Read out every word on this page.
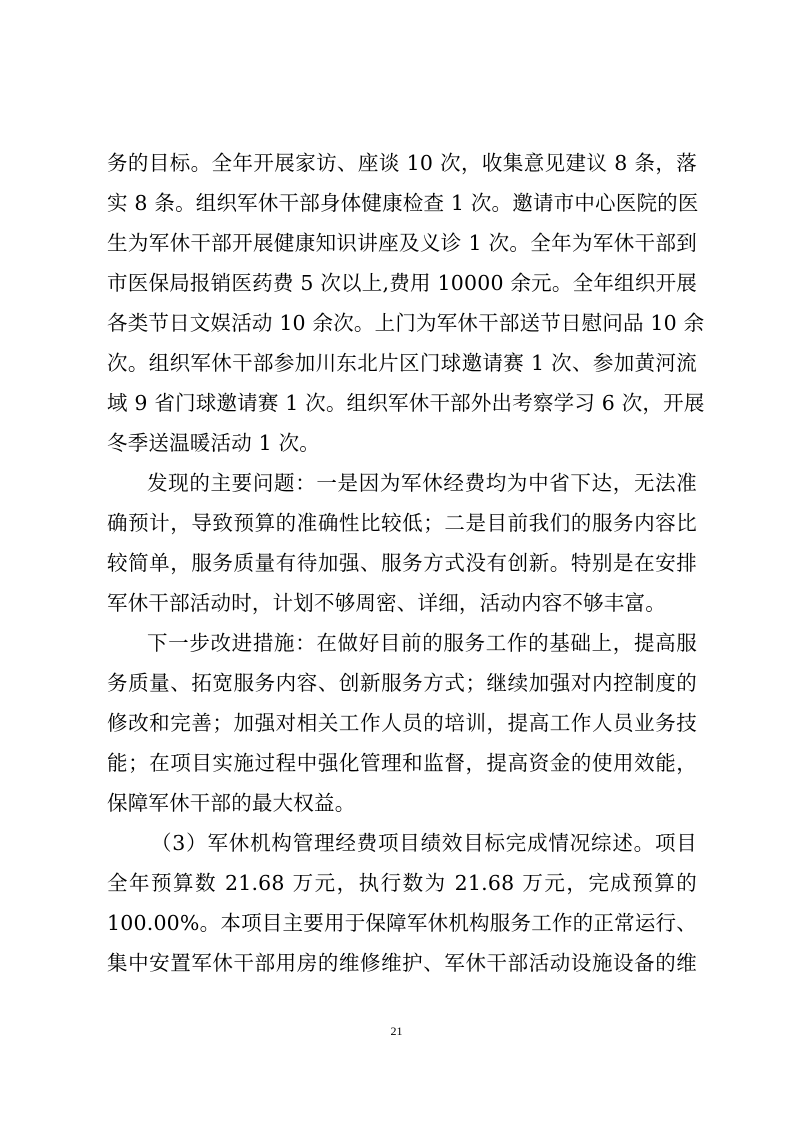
务的目标。全年开展家访、座谈 10 次，收集意见建议 8 条，落
实 8 条。组织军休干部身体健康检查 1 次。邀请市中心医院的医
生为军休干部开展健康知识讲座及义诊 1 次。全年为军休干部到
市医保局报销医药费 5 次以上,费用 10000 余元。全年组织开展
各类节日文娱活动 10 余次。上门为军休干部送节日慰问品 10 余
次。组织军休干部参加川东北片区门球邀请赛 1 次、参加黄河流
域 9 省门球邀请赛 1 次。组织军休干部外出考察学习 6 次，开展
冬季送温暖活动 1 次。
发现的主要问题：一是因为军休经费均为中省下达，无法准
确预计，导致预算的准确性比较低；二是目前我们的服务内容比
较简单，服务质量有待加强、服务方式没有创新。特别是在安排
军休干部活动时，计划不够周密、详细，活动内容不够丰富。
下一步改进措施：在做好目前的服务工作的基础上，提高服
务质量、拓宽服务内容、创新服务方式；继续加强对内控制度的
修改和完善；加强对相关工作人员的培训，提高工作人员业务技
能；在项目实施过程中强化管理和监督，提高资金的使用效能，
保障军休干部的最大权益。
（3）军休机构管理经费项目绩效目标完成情况综述。项目
全年预算数 21.68 万元，执行数为 21.68 万元，完成预算的
100.00%。本项目主要用于保障军休机构服务工作的正常运行、
集中安置军休干部用房的维修维护、军休干部活动设施设备的维
21
